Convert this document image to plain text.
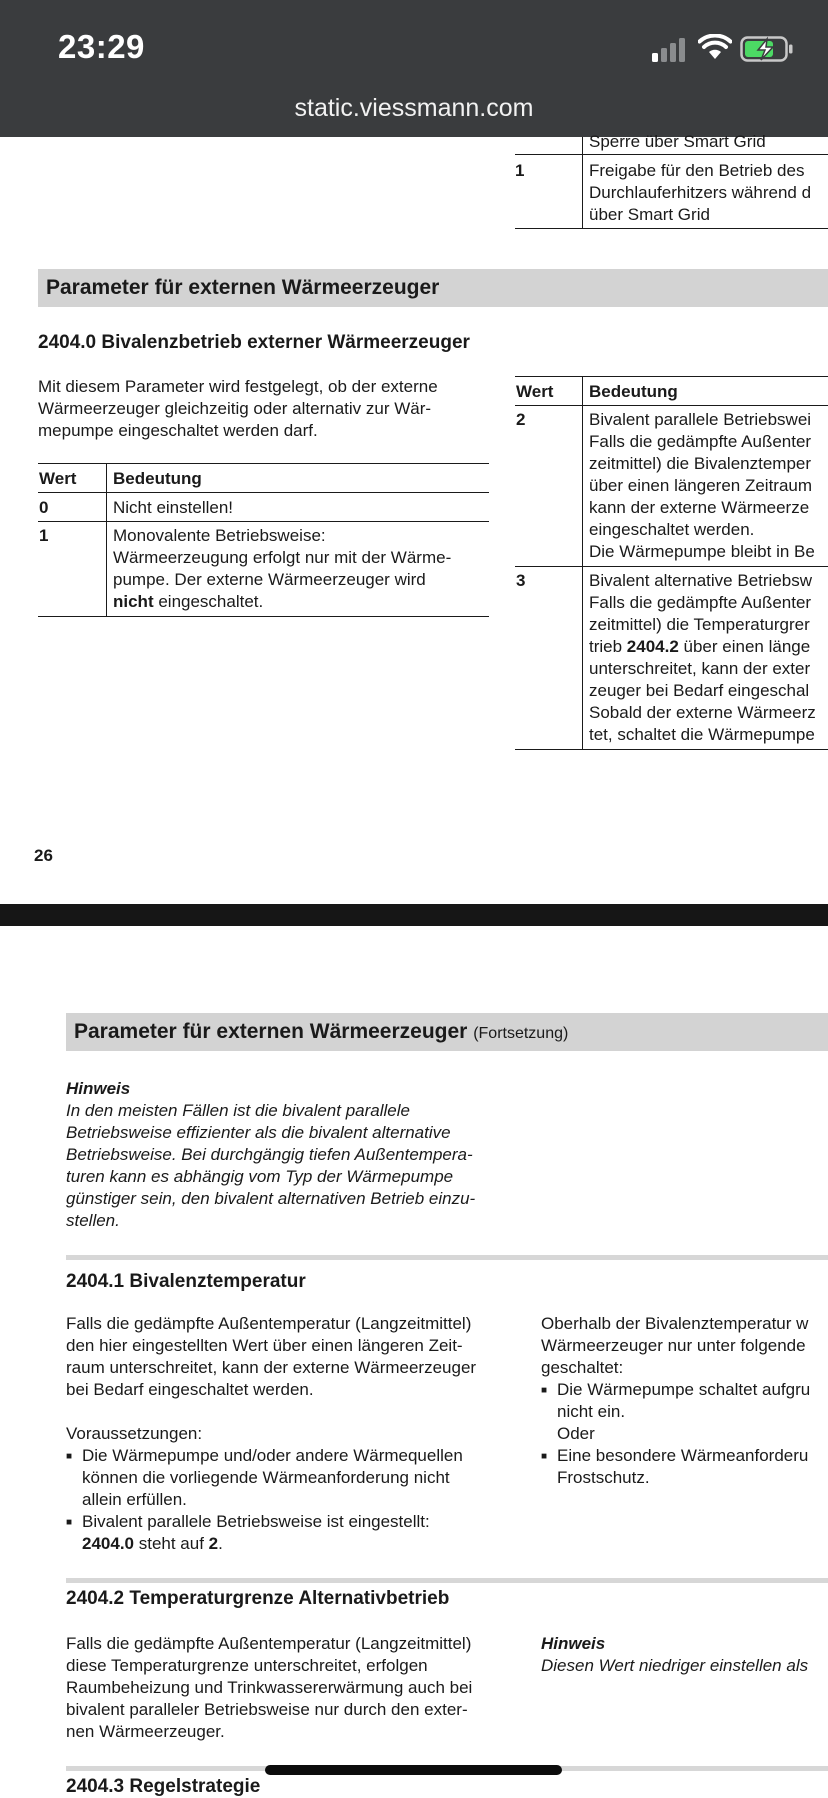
23:29
static.viessmann.com
Sperre über Smart Grid
1	Freigabe für den Betrieb des
Durchlauferhitzers während d
über Smart Grid
Parameter für externen Wärmeerzeuger
2404.0 Bivalenzbetrieb externer Wärmeerzeuger
Mit diesem Parameter wird festgelegt, ob der externe
Wärmeerzeuger gleichzeitig oder alternativ zur Wär-
mepumpe eingeschaltet werden darf.
Wert Bedeutung
0	Nicht einstellen!
1	Monovalente Betriebsweise:
Wärmeerzeugung erfolgt nur mit der Wärme-
pumpe. Der externe Wärmeerzeuger wird
nicht eingeschaltet.
Wert Bedeutung
2	Bivalent parallele Betriebswei
Falls die gedämpfte Außenter
zeitmittel) die Bivalenztemper
über einen längeren Zeitraum
kann der externe Wärmeerze
eingeschaltet werden.
Die Wärmepumpe bleibt in Be
3	Bivalent alternative Betriebsw
Falls die gedämpfte Außenter
zeitmittel) die Temperaturgrer
trieb 2404.2 über einen länge
unterschreitet, kann der exter
zeuger bei Bedarf eingeschal
Sobald der externe Wärmeerz
tet, schaltet die Wärmepumpe
26
Parameter für externen Wärmeerzeuger (Fortsetzung)
Hinweis
In den meisten Fällen ist die bivalent parallele
Betriebsweise effizienter als die bivalent alternative
Betriebsweise. Bei durchgängig tiefen Außentempera-
turen kann es abhängig vom Typ der Wärmepumpe
günstiger sein, den bivalent alternativen Betrieb einzu-
stellen.
2404.1 Bivalenztemperatur
Falls die gedämpfte Außentemperatur (Langzeitmittel)
den hier eingestellten Wert über einen längeren Zeit-
raum unterschreitet, kann der externe Wärmeerzeuger
bei Bedarf eingeschaltet werden.
Voraussetzungen:
■ Die Wärmepumpe und/oder andere Wärmequellen
können die vorliegende Wärmeanforderung nicht
allein erfüllen.
■ Bivalent parallele Betriebsweise ist eingestellt:
2404.0 steht auf 2.
Oberhalb der Bivalenztemperatur w
Wärmeerzeuger nur unter folgende
geschaltet:
■ Die Wärmepumpe schaltet aufgru
nicht ein.
Oder
■ Eine besondere Wärmeanforderu
Frostschutz.
2404.2 Temperaturgrenze Alternativbetrieb
Falls die gedämpfte Außentemperatur (Langzeitmittel)
diese Temperaturgrenze unterschreitet, erfolgen
Raumbeheizung und Trinkwassererwärmung auch bei
bivalent paralleler Betriebsweise nur durch den exter-
nen Wärmeerzeuger.
Hinweis
Diesen Wert niedriger einstellen als
2404.3 Regelstrategie
